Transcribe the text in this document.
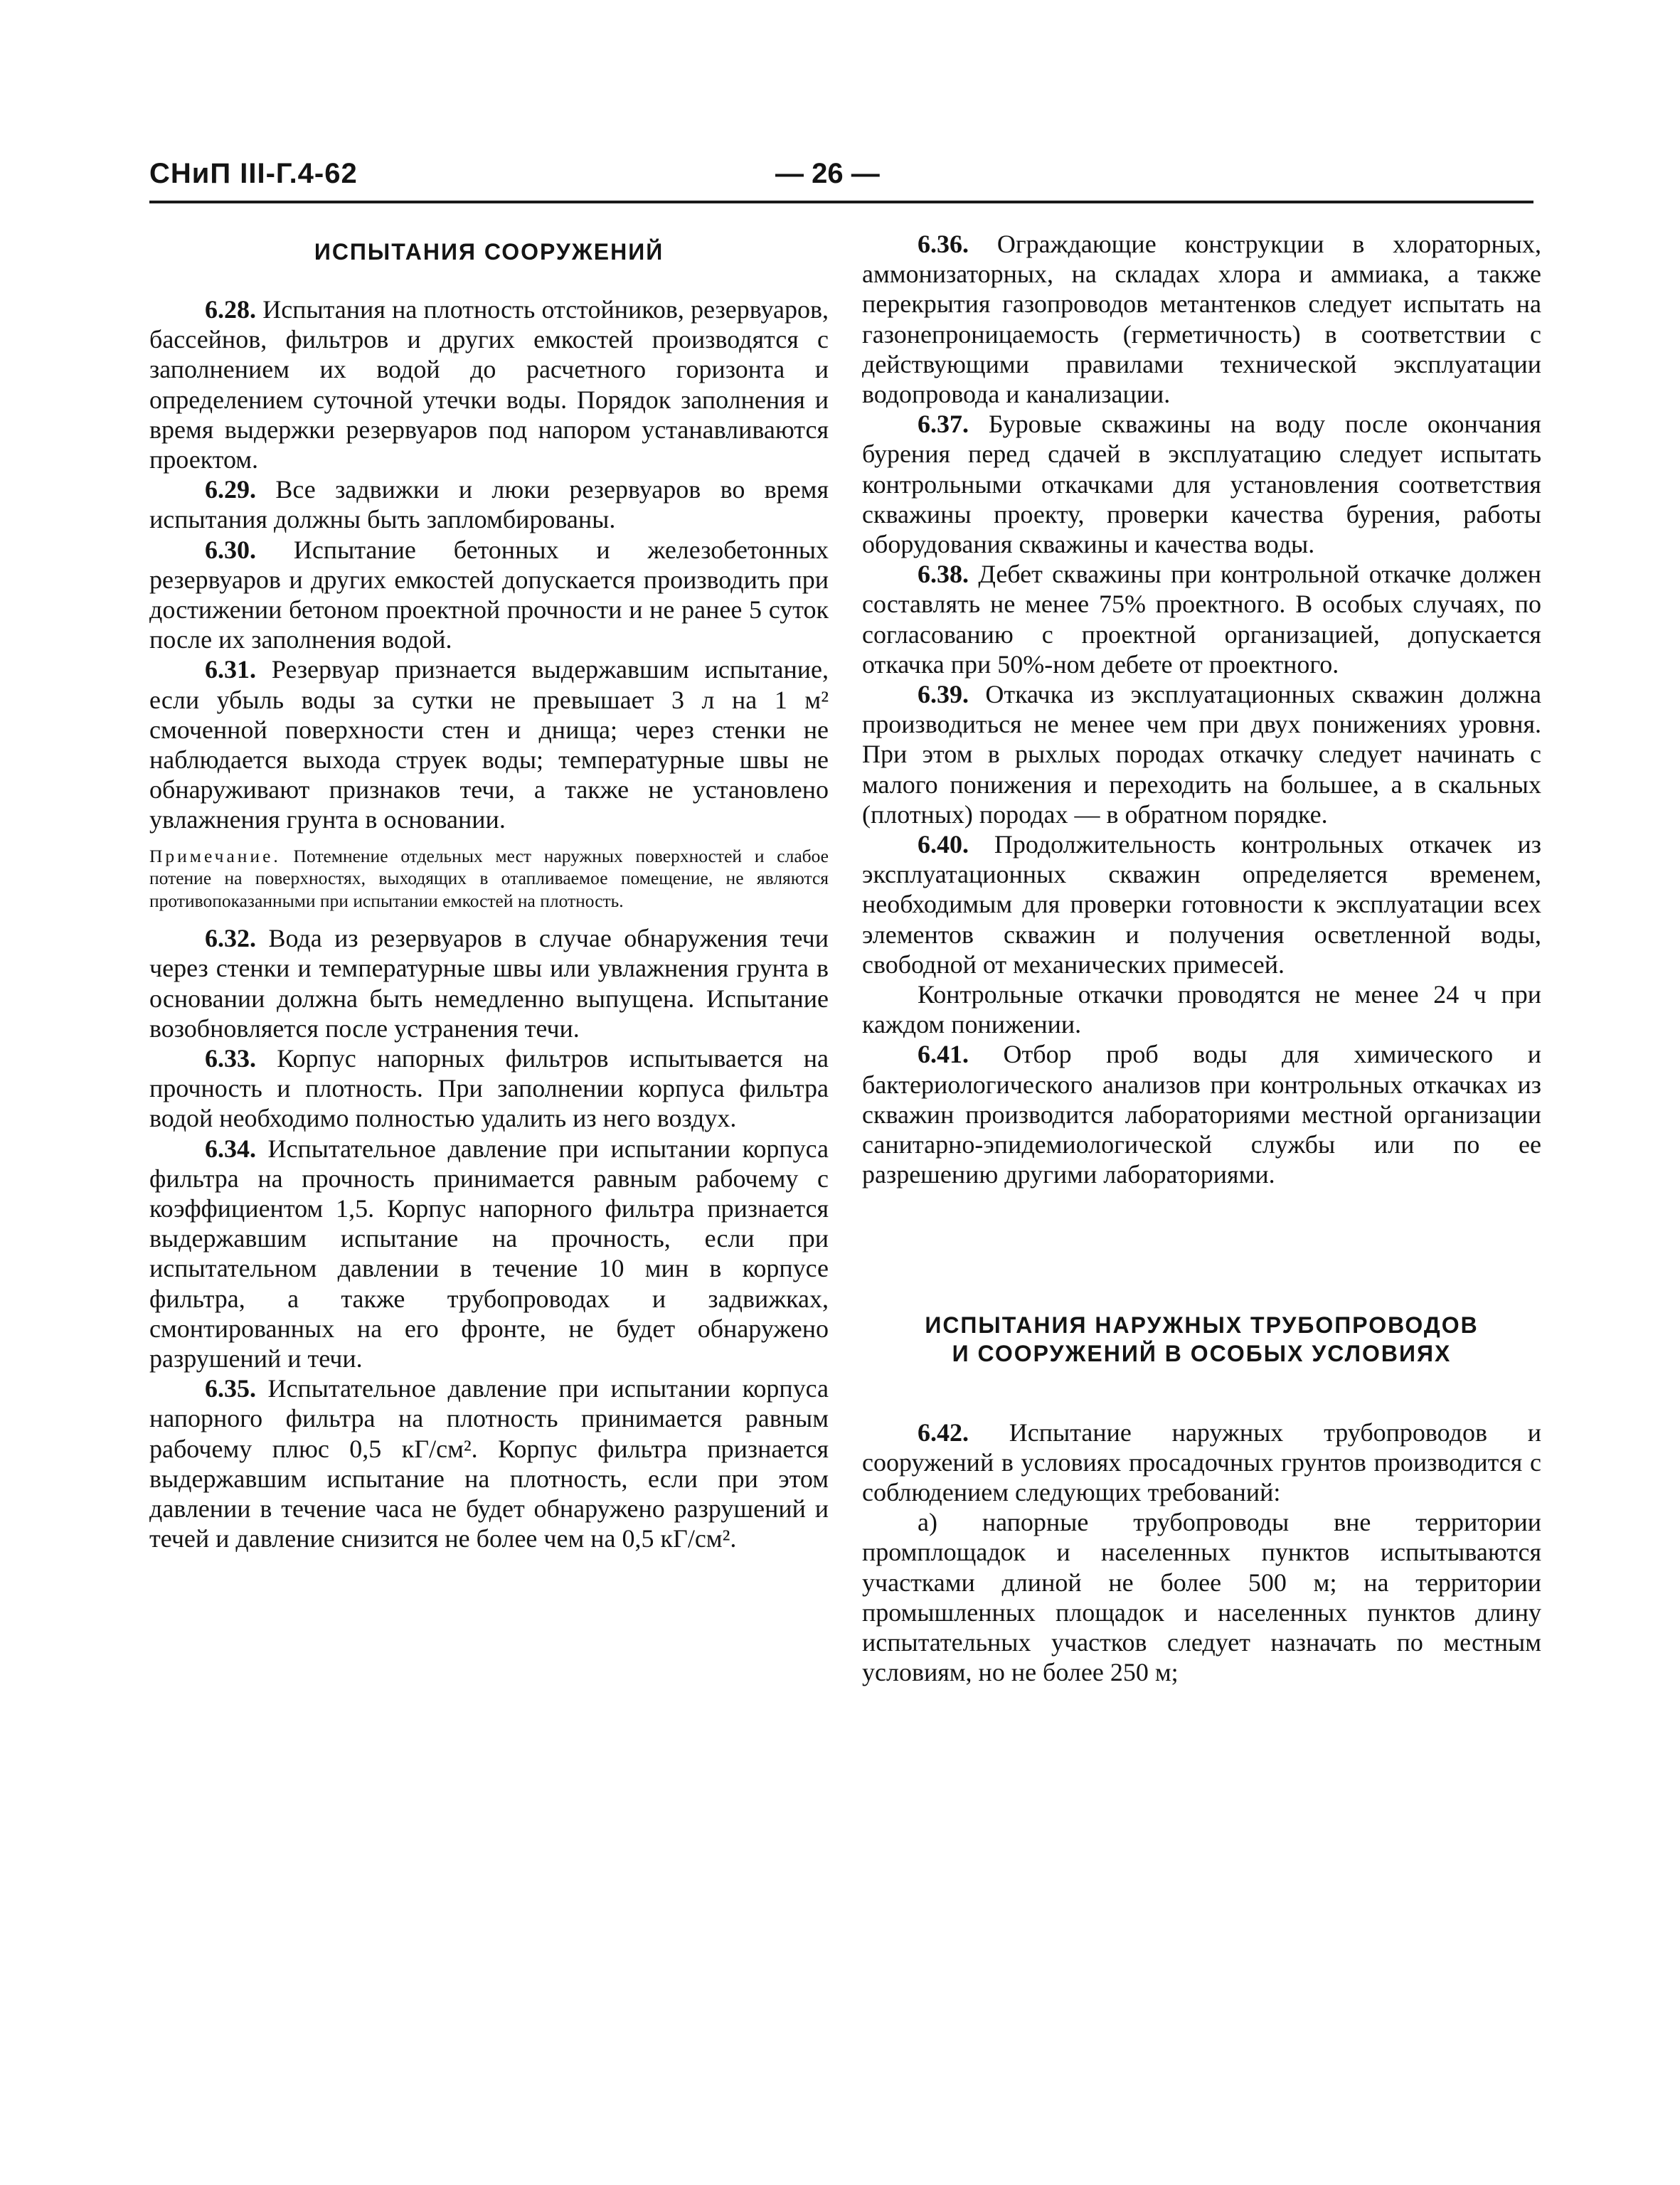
СНиП III-Г.4-62	— 26 —
ИСПЫТАНИЯ СООРУЖЕНИЙ

6.28. Испытания на плотность отстойников, резервуаров, бассейнов, фильтров и других емкостей производятся с заполнением их водой до расчетного горизонта и определением суточной утечки воды. Порядок заполнения и время выдержки резервуаров под напором устанавливаются проектом.

6.29. Все задвижки и люки резервуаров во время испытания должны быть запломбированы.

6.30. Испытание бетонных и железобетонных резервуаров и других емкостей допускается производить при достижении бетоном проектной прочности и не ранее 5 суток после их заполнения водой.

6.31. Резервуар признается выдержавшим испытание, если убыль воды за сутки не превышает 3 л на 1 м² смоченной поверхности стен и днища; через стенки не наблюдается выхода струек воды; температурные швы не обнаруживают признаков течи, а также не установлено увлажнения грунта в основании.

Примечание. Потемнение отдельных мест наружных поверхностей и слабое потение на поверхностях, выходящих в отапливаемое помещение, не являются противопоказанными при испытании емкостей на плотность.

6.32. Вода из резервуаров в случае обнаружения течи через стенки и температурные швы или увлажнения грунта в основании должна быть немедленно выпущена. Испытание возобновляется после устранения течи.

6.33. Корпус напорных фильтров испытывается на прочность и плотность. При заполнении корпуса фильтра водой необходимо полностью удалить из него воздух.

6.34. Испытательное давление при испытании корпуса фильтра на прочность принимается равным рабочему с коэффициентом 1,5. Корпус напорного фильтра признается выдержавшим испытание на прочность, если при испытательном давлении в течение 10 мин в корпусе фильтра, а также трубопроводах и задвижках, смонтированных на его фронте, не будет обнаружено разрушений и течи.

6.35. Испытательное давление при испытании корпуса напорного фильтра на плотность принимается равным рабочему плюс 0,5 кГ/см². Корпус фильтра признается выдержавшим испытание на плотность, если при этом давлении в течение часа не будет обнаружено разрушений и течей и давление снизится не более чем на 0,5 кГ/см².

6.36. Ограждающие конструкции в хлораторных, аммонизаторных, на складах хлора и аммиака, а также перекрытия газопроводов метантенков следует испытать на газонепроницаемость (герметичность) в соответствии с действующими правилами технической эксплуатации водопровода и канализации.

6.37. Буровые скважины на воду после окончания бурения перед сдачей в эксплуатацию следует испытать контрольными откачками для установления соответствия скважины проекту, проверки качества бурения, работы оборудования скважины и качества воды.

6.38. Дебет скважины при контрольной откачке должен составлять не менее 75% проектного. В особых случаях, по согласованию с проектной организацией, допускается откачка при 50%-ном дебете от проектного.

6.39. Откачка из эксплуатационных скважин должна производиться не менее чем при двух понижениях уровня. При этом в рыхлых породах откачку следует начинать с малого понижения и переходить на большее, а в скальных (плотных) породах — в обратном порядке.

6.40. Продолжительность контрольных откачек из эксплуатационных скважин определяется временем, необходимым для проверки готовности к эксплуатации всех элементов скважин и получения осветленной воды, свободной от механических примесей.

Контрольные откачки проводятся не менее 24 ч при каждом понижении.

6.41. Отбор проб воды для химического и бактериологического анализов при контрольных откачках из скважин производится лабораториями местной организации санитарно-эпидемиологической службы или по ее разрешению другими лабораториями.

ИСПЫТАНИЯ НАРУЖНЫХ ТРУБОПРОВОДОВ
И СООРУЖЕНИЙ В ОСОБЫХ УСЛОВИЯХ

6.42. Испытание наружных трубопроводов и сооружений в условиях просадочных грунтов производится с соблюдением следующих требований:

а) напорные трубопроводы вне территории промплощадок и населенных пунктов испытываются участками длиной не более 500 м; на территории промышленных площадок и населенных пунктов длину испытательных участков следует назначать по местным условиям, но не более 250 м;
